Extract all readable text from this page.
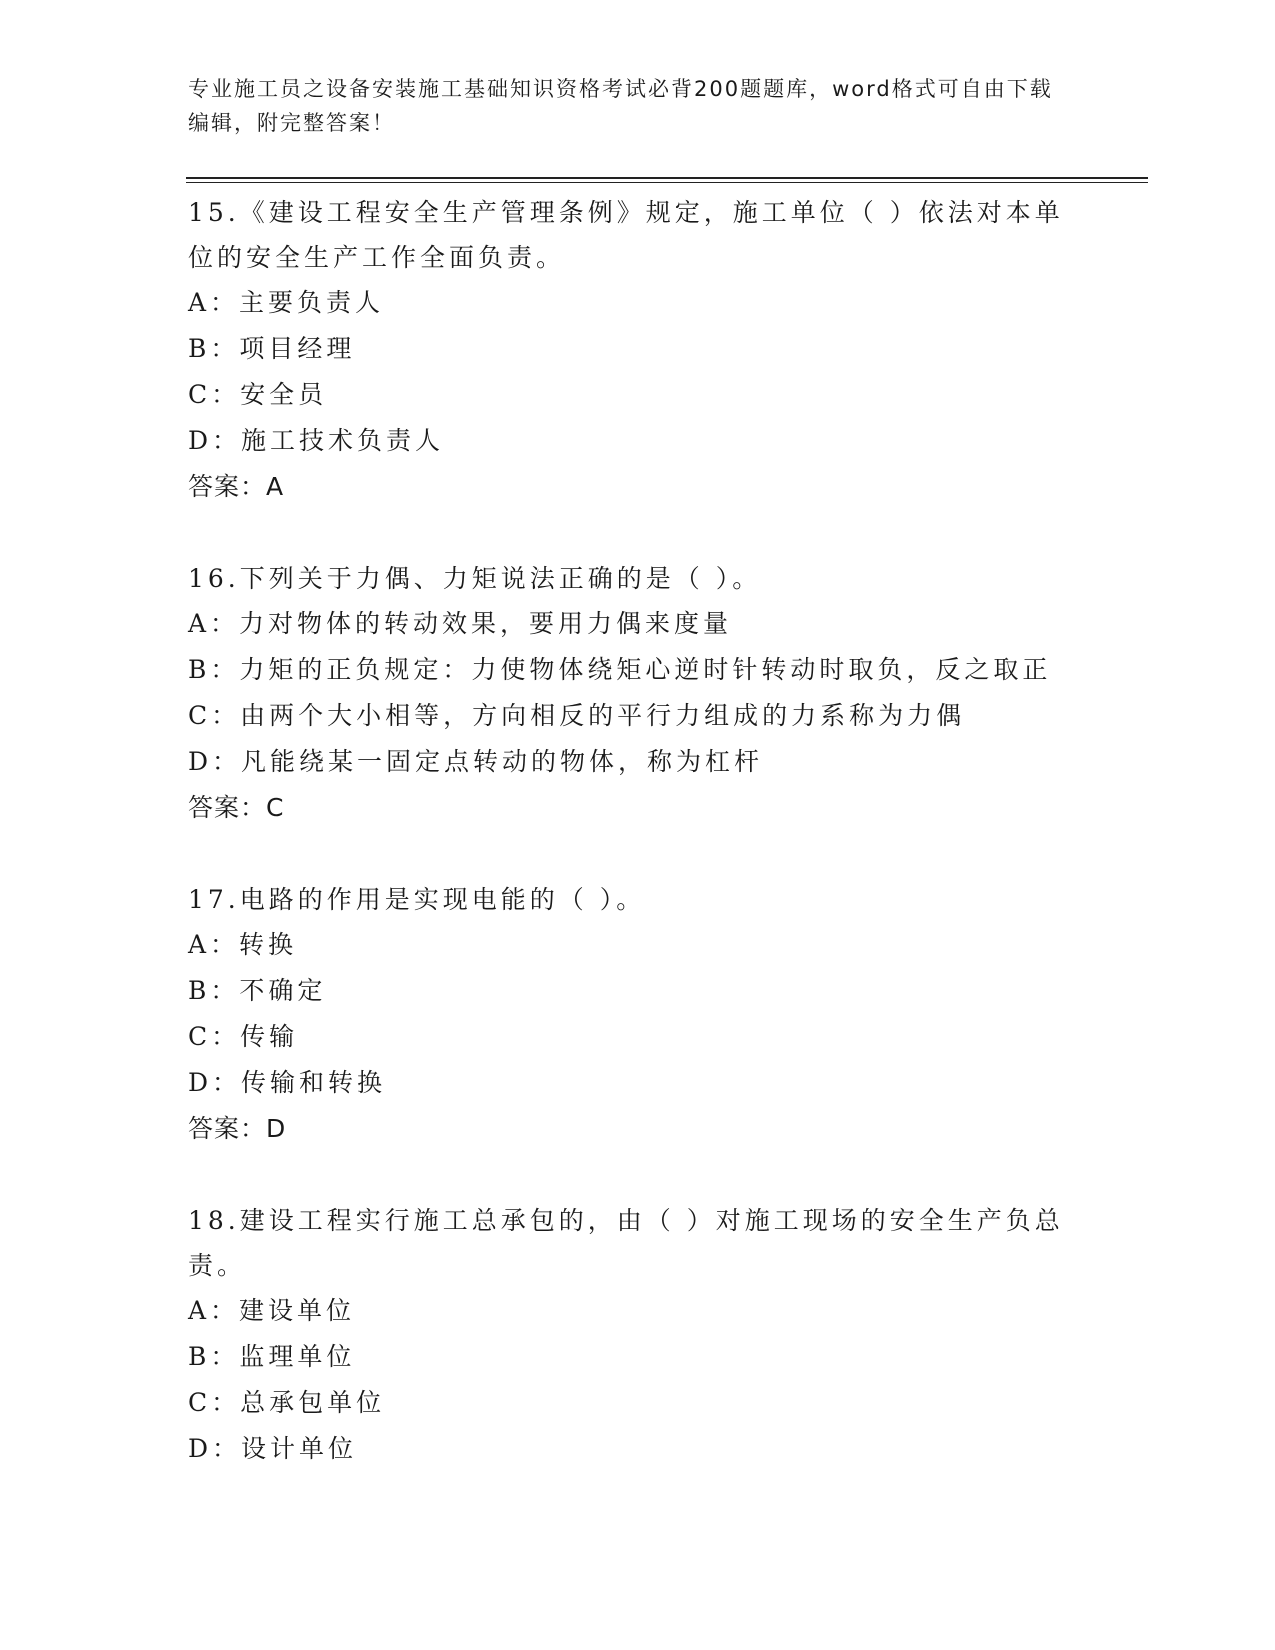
专业施工员之设备安装施工基础知识资格考试必背200题题库，word格式可自由下载编辑，附完整答案！

15.《建设工程安全生产管理条例》规定，施工单位（ ）依法对本单位的安全生产工作全面负责。

A：主要负责人

B：项目经理

C：安全员

D：施工技术负责人

答案：A

16.下列关于力偶、力矩说法正确的是（ ）。

A：力对物体的转动效果，要用力偶来度量

B：力矩的正负规定：力使物体绕矩心逆时针转动时取负，反之取正

C：由两个大小相等，方向相反的平行力组成的力系称为力偶

D：凡能绕某一固定点转动的物体，称为杠杆

答案：C

17.电路的作用是实现电能的（ ）。

A：转换

B：不确定

C：传输

D：传输和转换

答案：D

18.建设工程实行施工总承包的，由（ ）对施工现场的安全生产负总责。

A：建设单位

B：监理单位

C：总承包单位

D：设计单位
